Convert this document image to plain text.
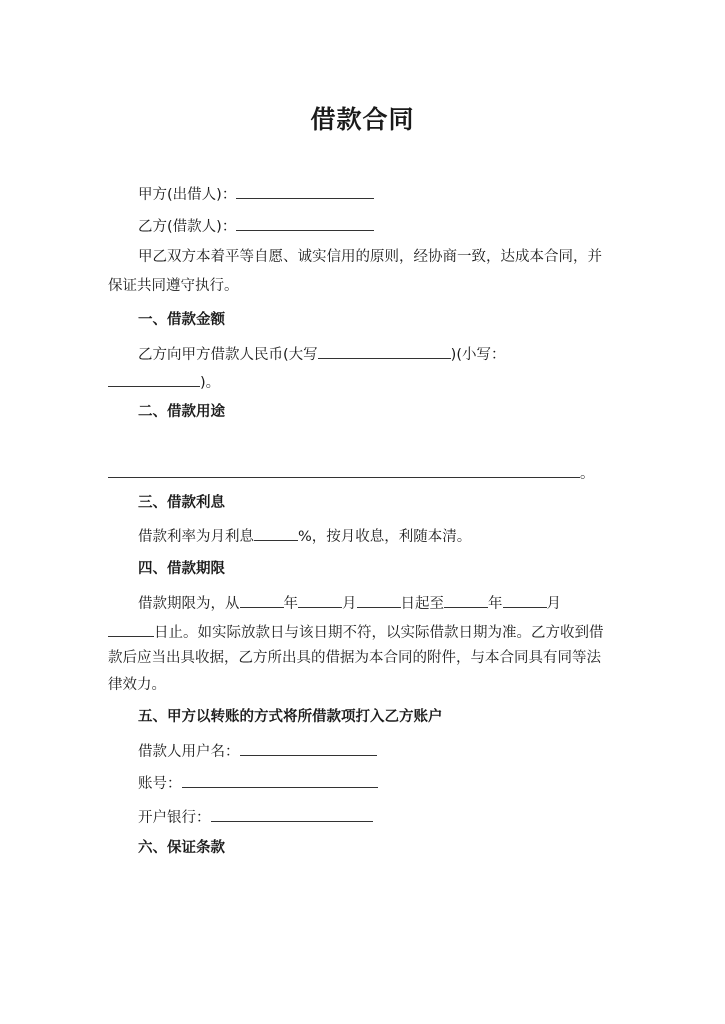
借款合同
甲方(出借人)：
乙方(借款人)：
甲乙双方本着平等自愿、诚实信用的原则，经协商一致，达成本合同，并
保证共同遵守执行。
一、借款金额
乙方向甲方借款人民币(大写	)(小写：
)。
二、借款用途
。
三、借款利息
借款利率为月利息	%，按月收息，利随本清。
四、借款期限
借款期限为，从	年	月	日起至	年	月
日止。如实际放款日与该日期不符，以实际借款日期为准。乙方收到借
款后应当出具收据，乙方所出具的借据为本合同的附件，与本合同具有同等法
律效力。
五、甲方以转账的方式将所借款项打入乙方账户
借款人用户名：
账号：
开户银行：
六、保证条款
